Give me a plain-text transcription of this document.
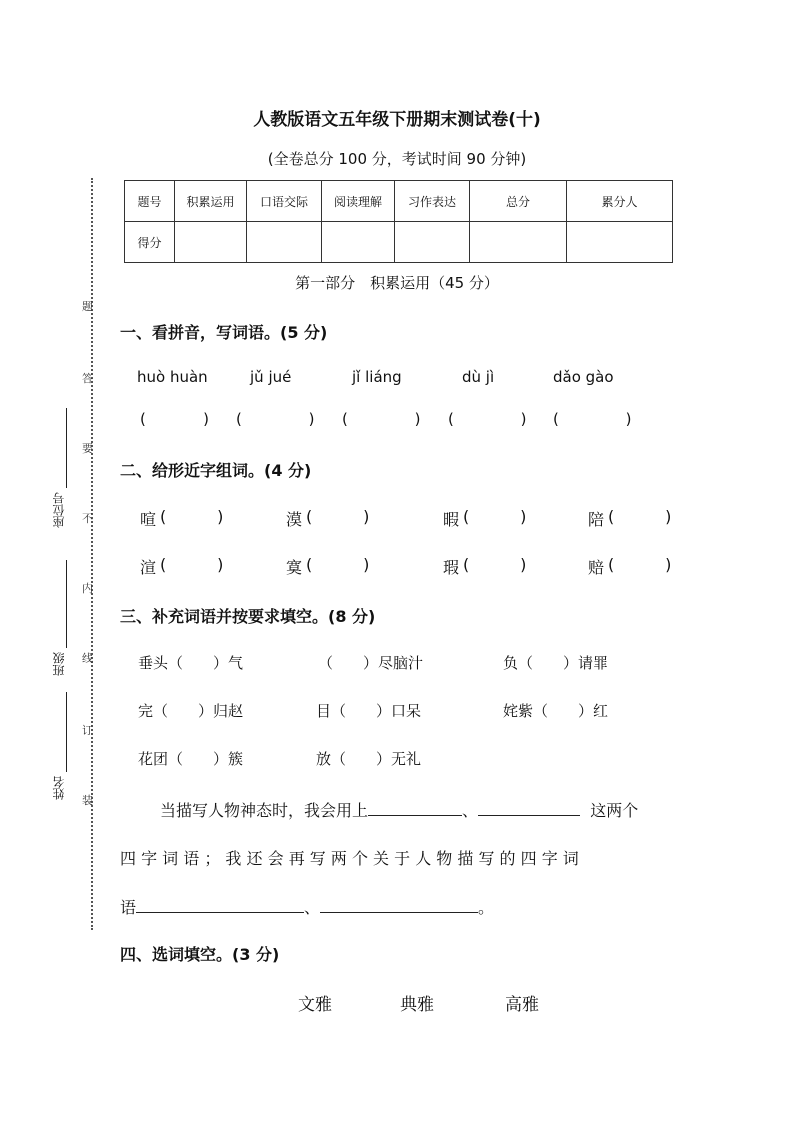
人教版语文五年级下册期末测试卷(十)
(全卷总分 100 分，考试时间 90 分钟)
题
答
要
不
内
线
订
装
座位号
班级
姓名
题号	积累运用	口语交际	阅读理解	习作表达	总分	累分人
得分						
第一部分　积累运用（45 分）
一、看拼音，写词语。(5 分)
huò huàn	jǔ jué	jǐ liáng	dù jì	dǎo gào
(            ) (              ) (              ) (              ) (              )
二、给形近字组词。(4 分)
喧 (          )	漠 (          )	暇 (          )	陪 (          )
渲 (          )	寞 (          )	瑕 (          )	赔 (          )
三、补充词语并按要求填空。(8 分)
垂头（　　）气	（　　）尽脑汁	负（　　）请罪
完（　　）归赵	目（　　）口呆	姹紫（　　）红
花团（　　）簇	放（　　）无礼
当描写人物神态时，我会用上	、	这两个
四 字 词 语 ； 我 还 会 再 写 两 个 关 于 人 物 描 写 的 四 字 词
语	、	。
四、选词填空。(3 分)
文雅	典雅	高雅
